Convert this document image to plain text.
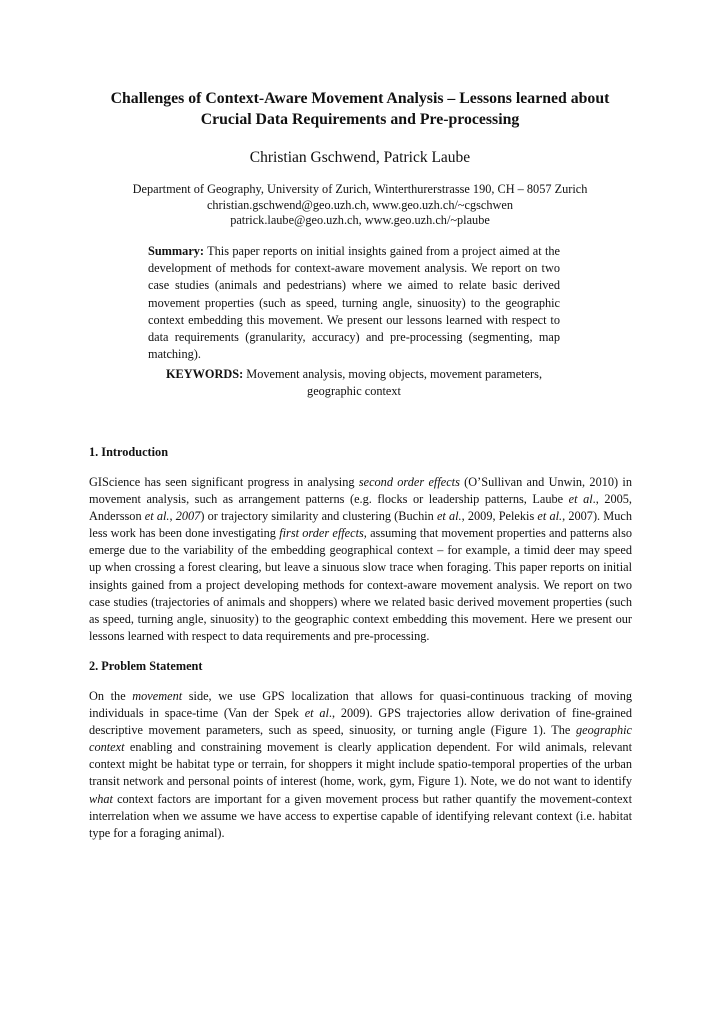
Challenges of Context-Aware Movement Analysis – Lessons learned about
Crucial Data Requirements and Pre-processing

Christian Gschwend, Patrick Laube

Department of Geography, University of Zurich, Winterthurerstrasse 190, CH – 8057 Zurich
christian.gschwend@geo.uzh.ch, www.geo.uzh.ch/~cgschwen
patrick.laube@geo.uzh.ch, www.geo.uzh.ch/~plaube

Summary: This paper reports on initial insights gained from a project aimed at the development of methods for context-aware movement analysis. We report on two case studies (animals and pedestrians) where we aimed to relate basic derived movement properties (such as speed, turning angle, sinuosity) to the geographic context embedding this movement. We present our lessons learned with respect to data requirements (granularity, accuracy) and pre-processing (segmenting, map matching).

KEYWORDS: Movement analysis, moving objects, movement parameters, geographic context

1. Introduction

GIScience has seen significant progress in analysing second order effects (O’Sullivan and Unwin, 2010) in movement analysis, such as arrangement patterns (e.g. flocks or leadership patterns, Laube et al., 2005, Andersson et al., 2007) or trajectory similarity and clustering (Buchin et al., 2009, Pelekis et al., 2007). Much less work has been done investigating first order effects, assuming that movement properties and patterns also emerge due to the variability of the embedding geographical context – for example, a timid deer may speed up when crossing a forest clearing, but leave a sinuous slow trace when foraging. This paper reports on initial insights gained from a project developing methods for context-aware movement analysis. We report on two case studies (trajectories of animals and shoppers) where we related basic derived movement properties (such as speed, turning angle, sinuosity) to the geographic context embedding this movement. Here we present our lessons learned with respect to data requirements and pre-processing.

2. Problem Statement

On the movement side, we use GPS localization that allows for quasi-continuous tracking of moving individuals in space-time (Van der Spek et al., 2009). GPS trajectories allow derivation of fine-grained descriptive movement parameters, such as speed, sinuosity, or turning angle (Figure 1). The geographic context enabling and constraining movement is clearly application dependent. For wild animals, relevant context might be habitat type or terrain, for shoppers it might include spatio-temporal properties of the urban transit network and personal points of interest (home, work, gym, Figure 1). Note, we do not want to identify what context factors are important for a given movement process but rather quantify the movement-context interrelation when we assume we have access to expertise capable of identifying relevant context (i.e. habitat type for a foraging animal).
